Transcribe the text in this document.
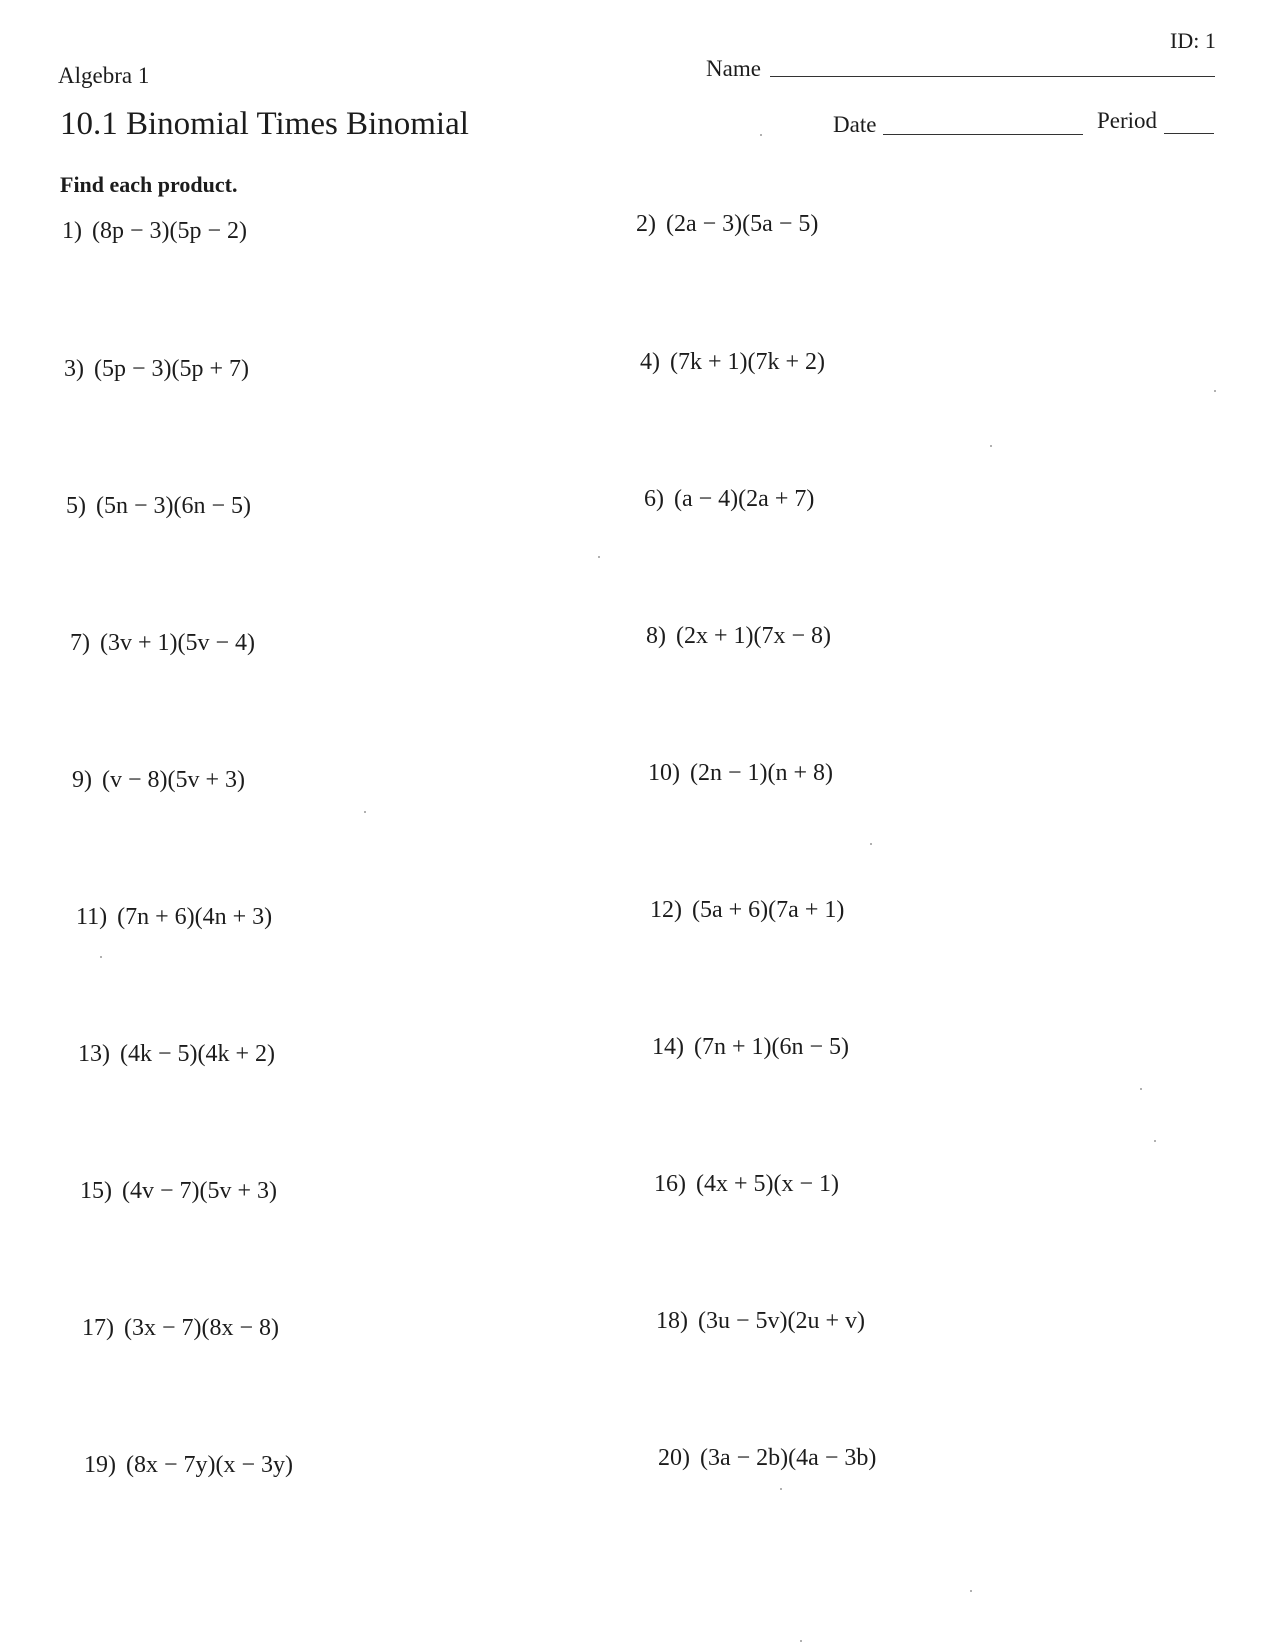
ID: 1
Algebra 1
10.1 Binomial Times Binomial
Name
Date	Period
Find each product.
1) (8p − 3)(5p − 2)	2) (2a − 3)(5a − 5)
3) (5p − 3)(5p + 7)	4) (7k + 1)(7k + 2)
5) (5n − 3)(6n − 5)	6) (a − 4)(2a + 7)
7) (3v + 1)(5v − 4)	8) (2x + 1)(7x − 8)
9) (v − 8)(5v + 3)	10) (2n − 1)(n + 8)
11) (7n + 6)(4n + 3)	12) (5a + 6)(7a + 1)
13) (4k − 5)(4k + 2)	14) (7n + 1)(6n − 5)
15) (4v − 7)(5v + 3)	16) (4x + 5)(x − 1)
17) (3x − 7)(8x − 8)	18) (3u − 5v)(2u + v)
19) (8x − 7y)(x − 3y)	20) (3a − 2b)(4a − 3b)
